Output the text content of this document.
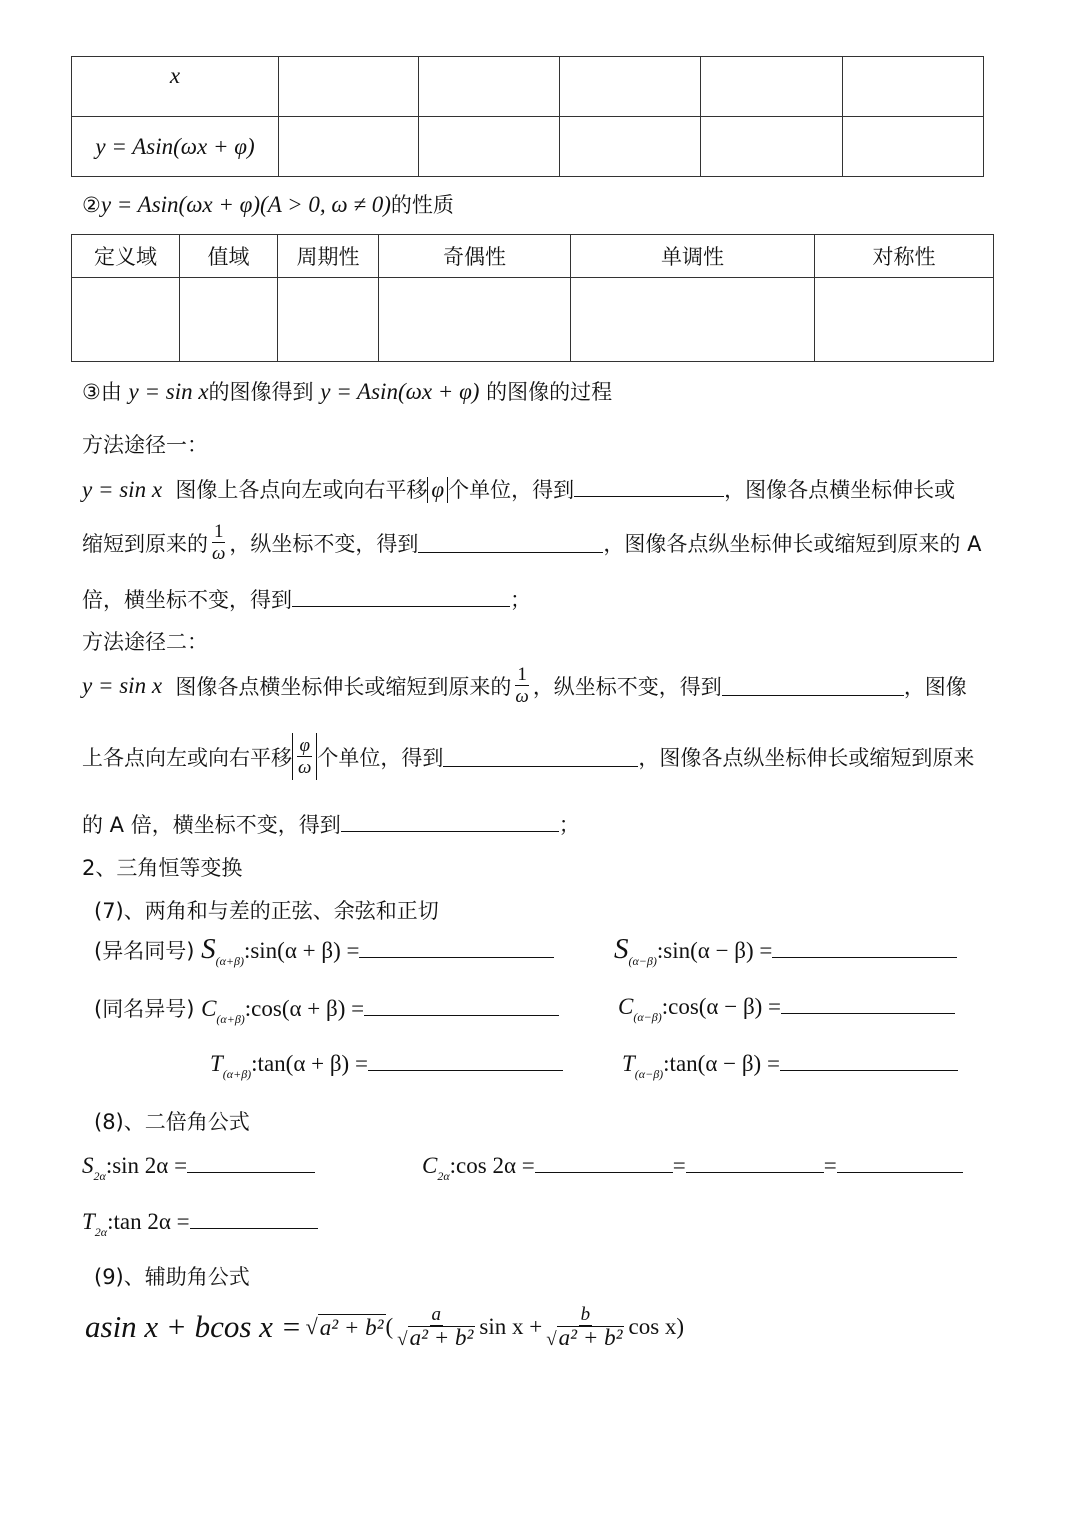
x					
y = Asin(ωx + φ)					
②y = Asin(ωx + φ)(A > 0, ω ≠ 0)的性质
定义域	值域	周期性	奇偶性	单调性	对称性

③由 y = sin x的图像得到 y = Asin(ωx + φ) 的图像的过程
方法途径一：
y = sin x 图像上各点向左或向右平移 φ 个单位，得到	，图像各点横坐标伸长或
缩短到原来的 $\frac{1}{\omega}$ ，纵坐标不变，得到	，图像各点纵坐标伸长或缩短到原来的 A
倍，横坐标不变，得到	；
方法途径二：
y = sin x
图像各点横坐标伸长或缩短到原来的 $\frac{1}{\omega}$ ，纵坐标不变，得到	，图像
上各点向左或向右平移 $\frac{\varphi}{\omega}$ 个单位，得到	，图像各点纵坐标伸长或缩短到原来
的 A 倍，横坐标不变，得到	；
2、三角恒等变换
(7)、两角和与差的正弦、余弦和正切
(异名同号) $S_{(\alpha+\beta)}:\sin(\alpha + \beta)$ =	$S_{(\alpha-\beta)}:\sin(\alpha - \beta)$ =
(同名异号) $C_{(\alpha+\beta)}:\cos(\alpha + \beta)$ =	$C_{(\alpha-\beta)}:\cos(\alpha - \beta)$ =
$T_{(\alpha+\beta)}:\tan(\alpha + \beta)$ =	$T_{(\alpha-\beta)}:\tan(\alpha - \beta)$ =
(8)、二倍角公式
$S_{2\alpha}:\sin$ 2α =	$C_{2\alpha}:\cos$ 2α =	=	=
$T_{2\alpha}:\tan$ 2α =
(9)、辅助角公式
asin x + bcos x = √ a² + b² ( $\frac{a}{\text{√a² + b²}}$ $\sin x + \frac{b}{\text{√a² + b²}}$ cos x)
